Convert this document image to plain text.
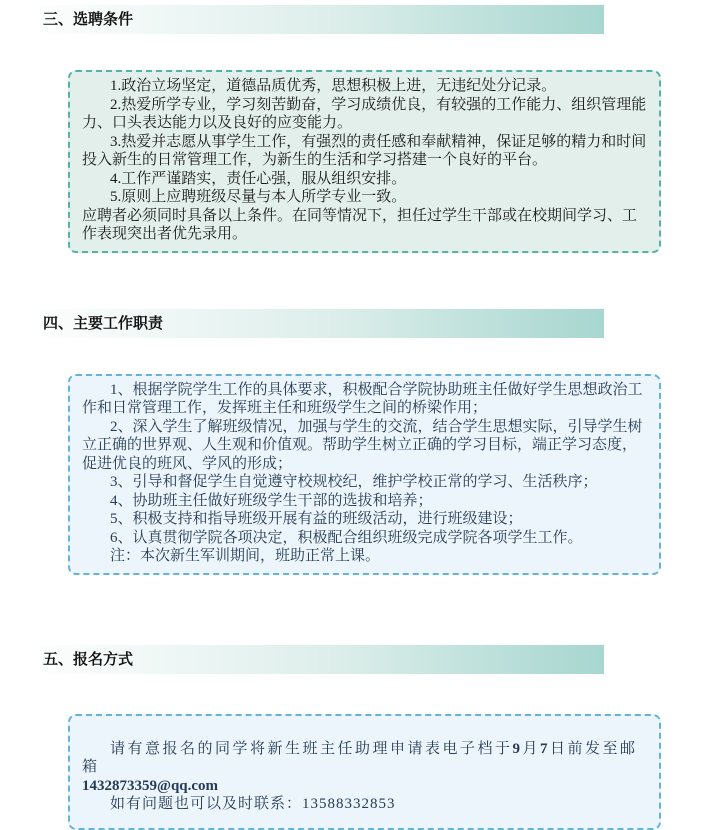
三、选聘条件

1.政治立场坚定，道德品质优秀，思想积极上进，无违纪处分记录。

2.热爱所学专业，学习刻苦勤奋，学习成绩优良，有较强的工作能力、组织管理能力、口头表达能力以及良好的应变能力。

3.热爱并志愿从事学生工作，有强烈的责任感和奉献精神，保证足够的精力和时间投入新生的日常管理工作，为新生的生活和学习搭建一个良好的平台。

4.工作严谨踏实，责任心强，服从组织安排。

5.原则上应聘班级尽量与本人所学专业一致。

应聘者必须同时具备以上条件。在同等情况下，担任过学生干部或在校期间学习、工作表现突出者优先录用。

四、主要工作职责

1、根据学院学生工作的具体要求，积极配合学院协助班主任做好学生思想政治工作和日常管理工作，发挥班主任和班级学生之间的桥梁作用；

2、深入学生了解班级情况，加强与学生的交流，结合学生思想实际，引导学生树立正确的世界观、人生观和价值观。帮助学生树立正确的学习目标，端正学习态度，促进优良的班风、学风的形成；

3、引导和督促学生自觉遵守校规校纪，维护学校正常的学习、生活秩序；

4、协助班主任做好班级学生干部的选拔和培养；

5、积极支持和指导班级开展有益的班级活动，进行班级建设；

6、认真贯彻学院各项决定，积极配合组织班级完成学院各项学生工作。

注：本次新生军训期间，班助正常上课。

五、报名方式

请有意报名的同学将新生班主任助理申请表电子档于9月7日前发至邮箱

1432873359@qq.com

如有问题也可以及时联系：13588332853
